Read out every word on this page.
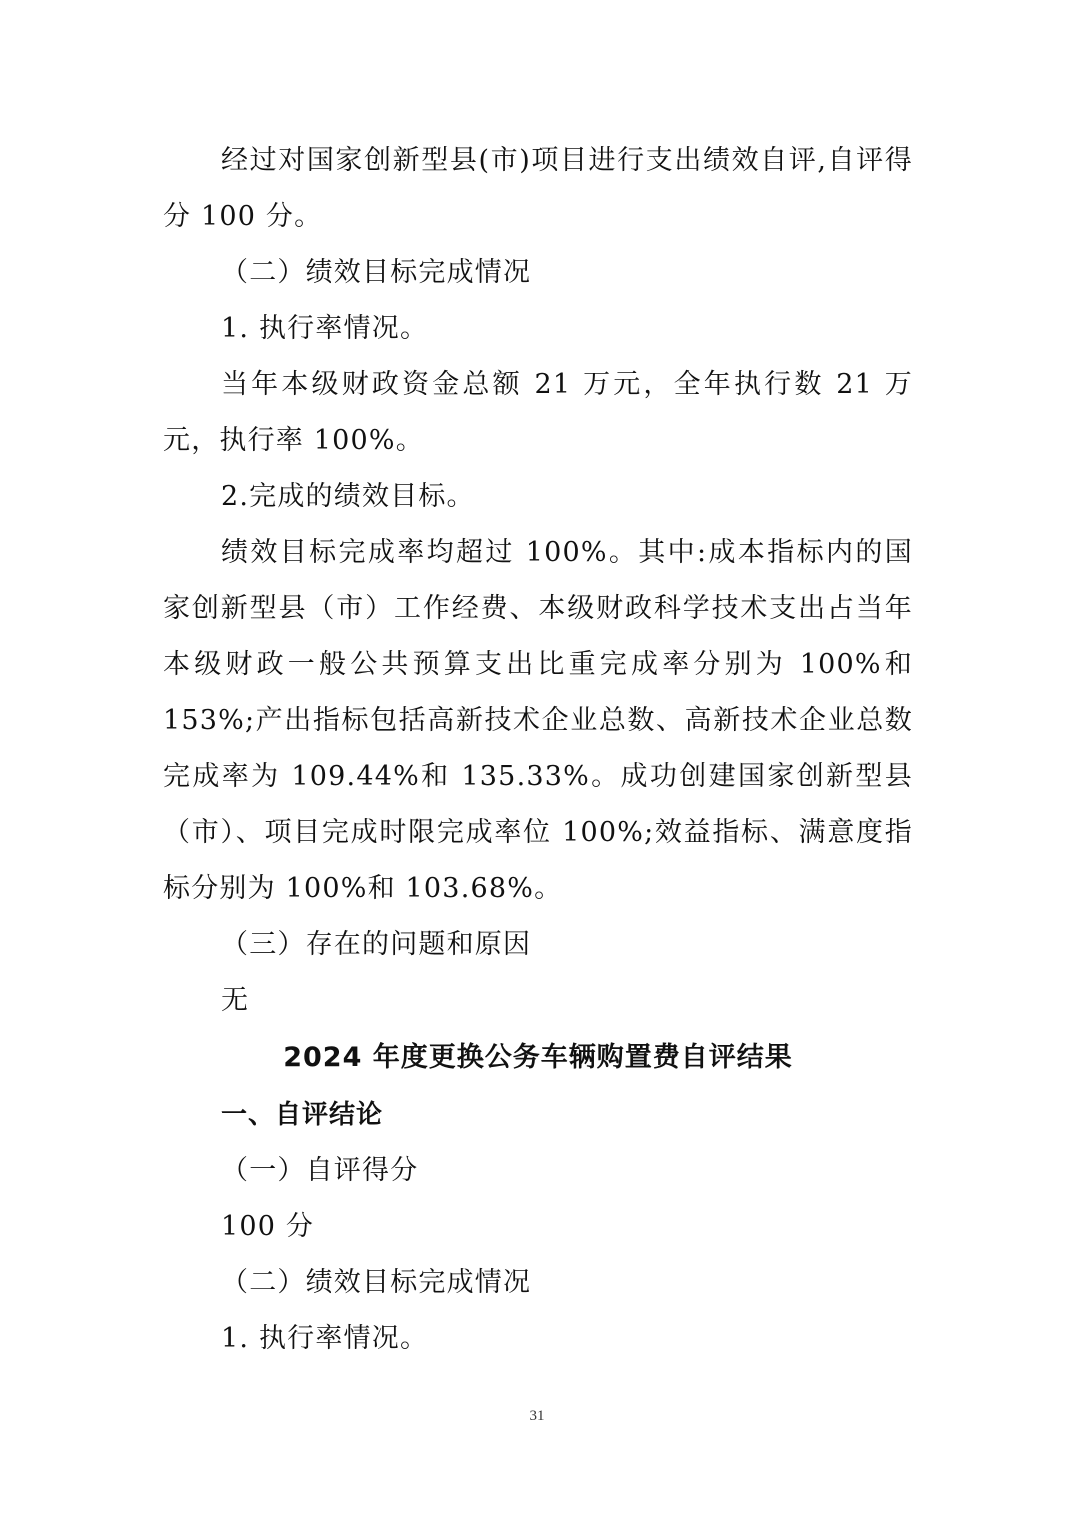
经过对国家创新型县(市)项目进行支出绩效自评,自评得分 100 分。

（二）绩效目标完成情况

1. 执行率情况。

当年本级财政资金总额 21 万元，全年执行数 21 万元，执行率 100%。

2.完成的绩效目标。

绩效目标完成率均超过 100%。其中:成本指标内的国家创新型县（市）工作经费、本级财政科学技术支出占当年本级财政一般公共预算支出比重完成率分别为 100%和 153%;产出指标包括高新技术企业总数、高新技术企业总数完成率为 109.44%和 135.33%。成功创建国家创新型县（市）、项目完成时限完成率位 100%;效益指标、满意度指标分别为 100%和 103.68%。

（三）存在的问题和原因

无

2024 年度更换公务车辆购置费自评结果

一、自评结论

（一）自评得分

100 分

（二）绩效目标完成情况

1. 执行率情况。

31
